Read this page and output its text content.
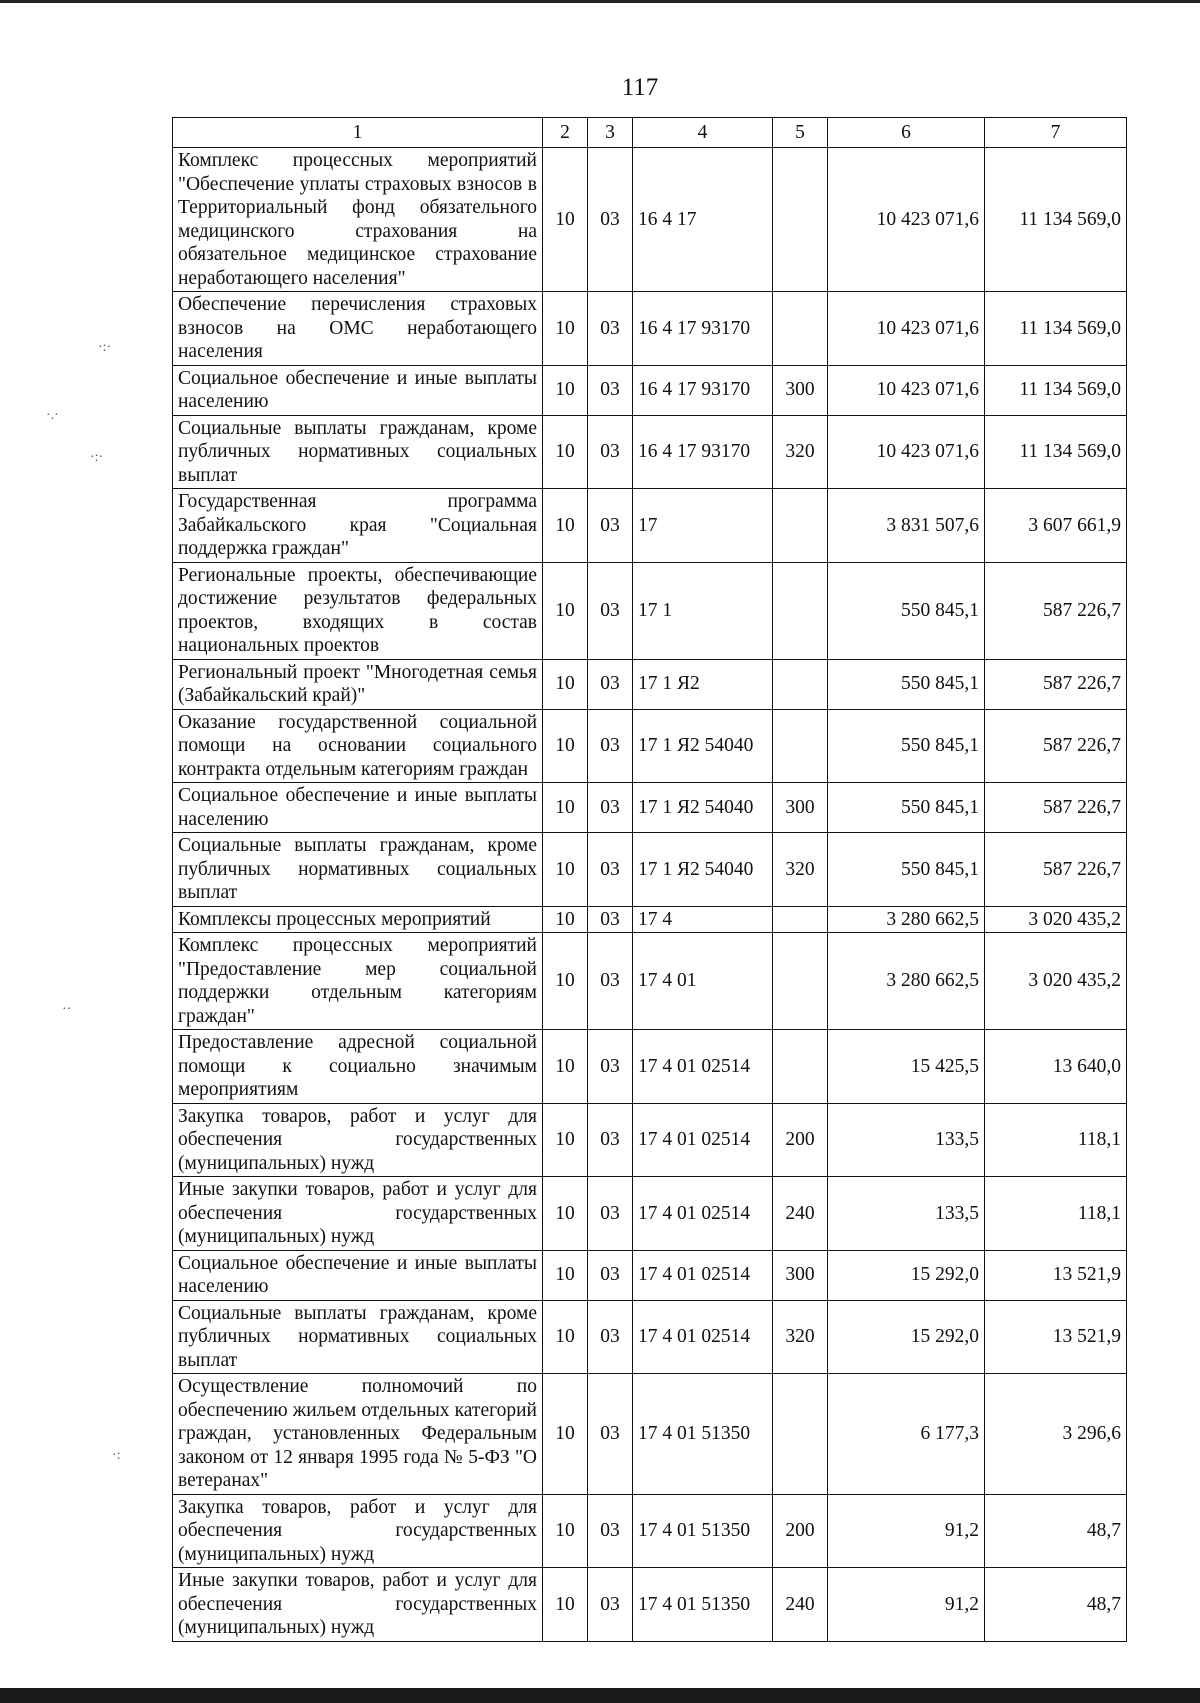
117
·:·
·.·
·:·
··
·:
1	2	3	4	5	6	7
Комплекс процессных мероприятий "Обеспечение уплаты страховых взносов в Территориальный фонд обязательного медицинского страхования на обязательное медицинское страхование неработающего населения"	10	03	16 4 17		10 423 071,6	11 134 569,0
Обеспечение перечисления страховых взносов на ОМС неработающего населения	10	03	16 4 17 93170		10 423 071,6	11 134 569,0
Социальное обеспечение и иные выплаты населению	10	03	16 4 17 93170	300	10 423 071,6	11 134 569,0
Социальные выплаты гражданам, кроме публичных нормативных социальных выплат	10	03	16 4 17 93170	320	10 423 071,6	11 134 569,0
Государственная программа Забайкальского края "Социальная поддержка граждан"	10	03	17		3 831 507,6	3 607 661,9
Региональные проекты, обеспечивающие достижение результатов федеральных проектов, входящих в состав национальных проектов	10	03	17 1		550 845,1	587 226,7
Региональный проект "Многодетная семья (Забайкальский край)"	10	03	17 1 Я2		550 845,1	587 226,7
Оказание государственной социальной помощи на основании социального контракта отдельным категориям граждан	10	03	17 1 Я2 54040		550 845,1	587 226,7
Социальное обеспечение и иные выплаты населению	10	03	17 1 Я2 54040	300	550 845,1	587 226,7
Социальные выплаты гражданам, кроме публичных нормативных социальных выплат	10	03	17 1 Я2 54040	320	550 845,1	587 226,7
Комплексы процессных мероприятий	10	03	17 4		3 280 662,5	3 020 435,2
Комплекс процессных мероприятий "Предоставление мер социальной поддержки отдельным категориям граждан"	10	03	17 4 01		3 280 662,5	3 020 435,2
Предоставление адресной социальной помощи к социально значимым мероприятиям	10	03	17 4 01 02514		15 425,5	13 640,0
Закупка товаров, работ и услуг для обеспечения государственных (муниципальных) нужд	10	03	17 4 01 02514	200	133,5	118,1
Иные закупки товаров, работ и услуг для обеспечения государственных (муниципальных) нужд	10	03	17 4 01 02514	240	133,5	118,1
Социальное обеспечение и иные выплаты населению	10	03	17 4 01 02514	300	15 292,0	13 521,9
Социальные выплаты гражданам, кроме публичных нормативных социальных выплат	10	03	17 4 01 02514	320	15 292,0	13 521,9
Осуществление полномочий по обеспечению жильем отдельных категорий граждан, установленных Федеральным законом от 12 января 1995 года № 5-ФЗ "О ветеранах"	10	03	17 4 01 51350		6 177,3	3 296,6
Закупка товаров, работ и услуг для обеспечения государственных (муниципальных) нужд	10	03	17 4 01 51350	200	91,2	48,7
Иные закупки товаров, работ и услуг для обеспечения государственных (муниципальных) нужд	10	03	17 4 01 51350	240	91,2	48,7
